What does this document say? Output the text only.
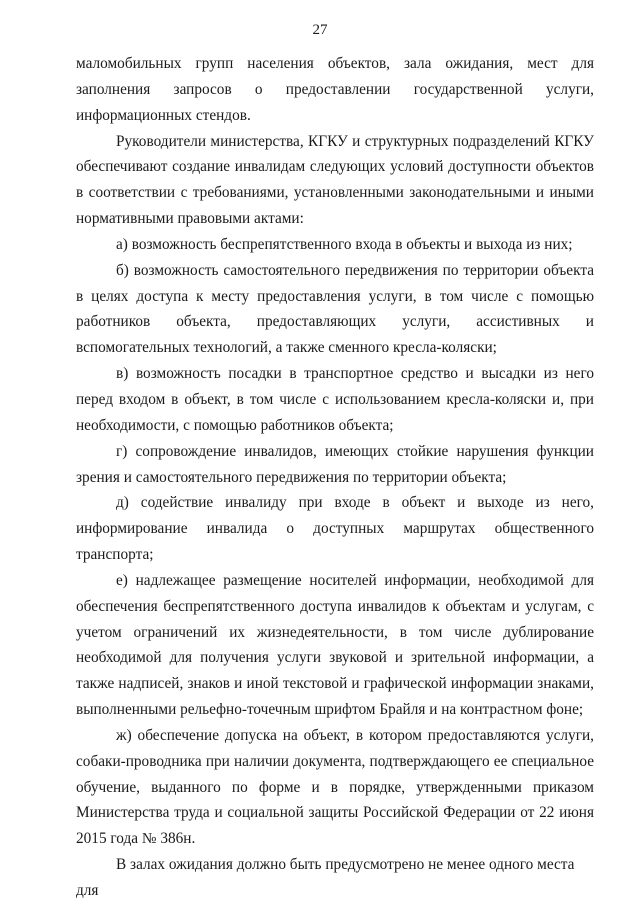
27

маломобильных групп населения объектов, зала ожидания, мест для заполнения запросов о предоставлении государственной услуги, информационных стендов.

Руководители министерства, КГКУ и структурных подразделений КГКУ обеспечивают создание инвалидам следующих условий доступности объектов в соответствии с требованиями, установленными законодательными и иными нормативными правовыми актами:

а) возможность беспрепятственного входа в объекты и выхода из них;

б) возможность самостоятельного передвижения по территории объекта в целях доступа к месту предоставления услуги, в том числе с помощью работников объекта, предоставляющих услуги, ассистивных и вспомогательных технологий, а также сменного кресла-коляски;

в) возможность посадки в транспортное средство и высадки из него перед входом в объект, в том числе с использованием кресла-коляски и, при необходимости, с помощью работников объекта;

г) сопровождение инвалидов, имеющих стойкие нарушения функции зрения и самостоятельного передвижения по территории объекта;

д) содействие инвалиду при входе в объект и выходе из него, информирование инвалида о доступных маршрутах общественного транспорта;

е) надлежащее размещение носителей информации, необходимой для обеспечения беспрепятственного доступа инвалидов к объектам и услугам, с учетом ограничений их жизнедеятельности, в том числе дублирование необходимой для получения услуги звуковой и зрительной информации, а также надписей, знаков и иной текстовой и графической информации знаками, выполненными рельефно-точечным шрифтом Брайля и на контрастном фоне;

ж) обеспечение допуска на объект, в котором предоставляются услуги, собаки-проводника при наличии документа, подтверждающего ее специальное обучение, выданного по форме и в порядке, утвержденными приказом Министерства труда и социальной защиты Российской Федерации от 22 июня 2015 года № 386н.

В залах ожидания должно быть предусмотрено не менее одного места для
